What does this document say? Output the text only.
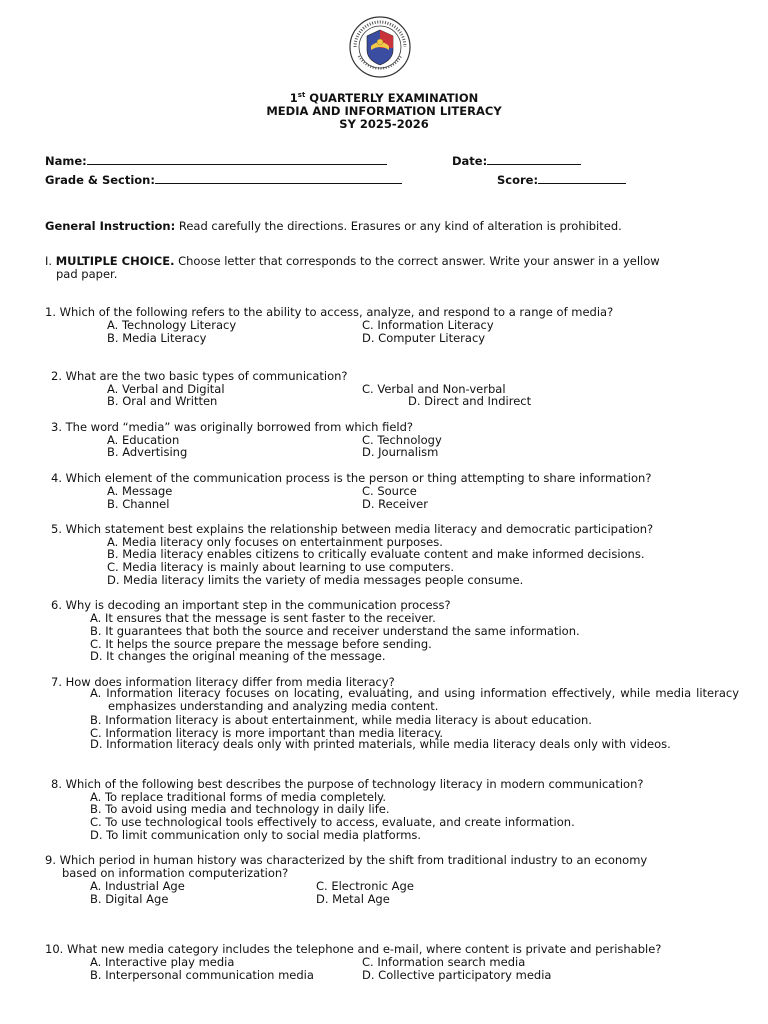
1st QUARTERLY EXAMINATION
MEDIA AND INFORMATION LITERACY
SY 2025-2026
Name:	Date:
Grade & Section:	Score:
General Instruction: Read carefully the directions. Erasures or any kind of alteration is prohibited.
I. MULTIPLE CHOICE. Choose letter that corresponds to the correct answer. Write your answer in a yellow
pad paper.
1. Which of the following refers to the ability to access, analyze, and respond to a range of media?
A. Technology Literacy	C. Information Literacy
B. Media Literacy	D. Computer Literacy
2. What are the two basic types of communication?
A. Verbal and Digital	C. Verbal and Non-verbal
B. Oral and Written	D. Direct and Indirect
3. The word “media” was originally borrowed from which field?
A. Education	C. Technology
B. Advertising	D. Journalism
4. Which element of the communication process is the person or thing attempting to share information?
A. Message	C. Source
B. Channel	D. Receiver
5. Which statement best explains the relationship between media literacy and democratic participation?
A. Media literacy only focuses on entertainment purposes.
B. Media literacy enables citizens to critically evaluate content and make informed decisions.
C. Media literacy is mainly about learning to use computers.
D. Media literacy limits the variety of media messages people consume.
6. Why is decoding an important step in the communication process?
A. It ensures that the message is sent faster to the receiver.
B. It guarantees that both the source and receiver understand the same information.
C. It helps the source prepare the message before sending.
D. It changes the original meaning of the message.
7. How does information literacy differ from media literacy?
A. Information literacy focuses on locating, evaluating, and using information effectively, while media literacy emphasizes understanding and analyzing media content.
B. Information literacy is about entertainment, while media literacy is about education.
C. Information literacy is more important than media literacy.
D. Information literacy deals only with printed materials, while media literacy deals only with videos.
8. Which of the following best describes the purpose of technology literacy in modern communication?
A. To replace traditional forms of media completely.
B. To avoid using media and technology in daily life.
C. To use technological tools effectively to access, evaluate, and create information.
D. To limit communication only to social media platforms.
9. Which period in human history was characterized by the shift from traditional industry to an economy
based on information computerization?
A. Industrial Age	C. Electronic Age
B. Digital Age	D. Metal Age
10. What new media category includes the telephone and e-mail, where content is private and perishable?
A. Interactive play media	C. Information search media
B. Interpersonal communication media	D. Collective participatory media
